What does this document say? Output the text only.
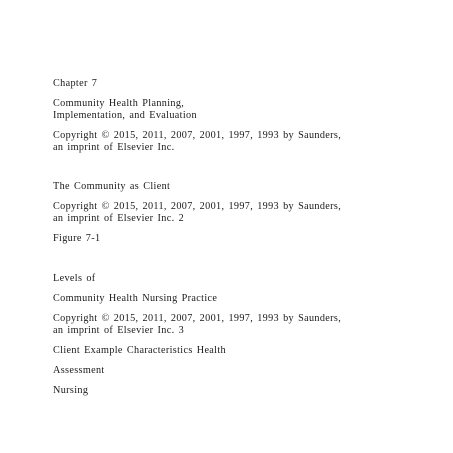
Chapter 7
Community Health Planning,
Implementation, and Evaluation
Copyright © 2015, 2011, 2007, 2001, 1997, 1993 by Saunders,
an imprint of Elsevier Inc.
The Community as Client
Copyright © 2015, 2011, 2007, 2001, 1997, 1993 by Saunders,
an imprint of Elsevier Inc. 2
Figure 7-1
Levels of
Community Health Nursing Practice
Copyright © 2015, 2011, 2007, 2001, 1997, 1993 by Saunders,
an imprint of Elsevier Inc. 3
Client Example Characteristics Health
Assessment
Nursing
